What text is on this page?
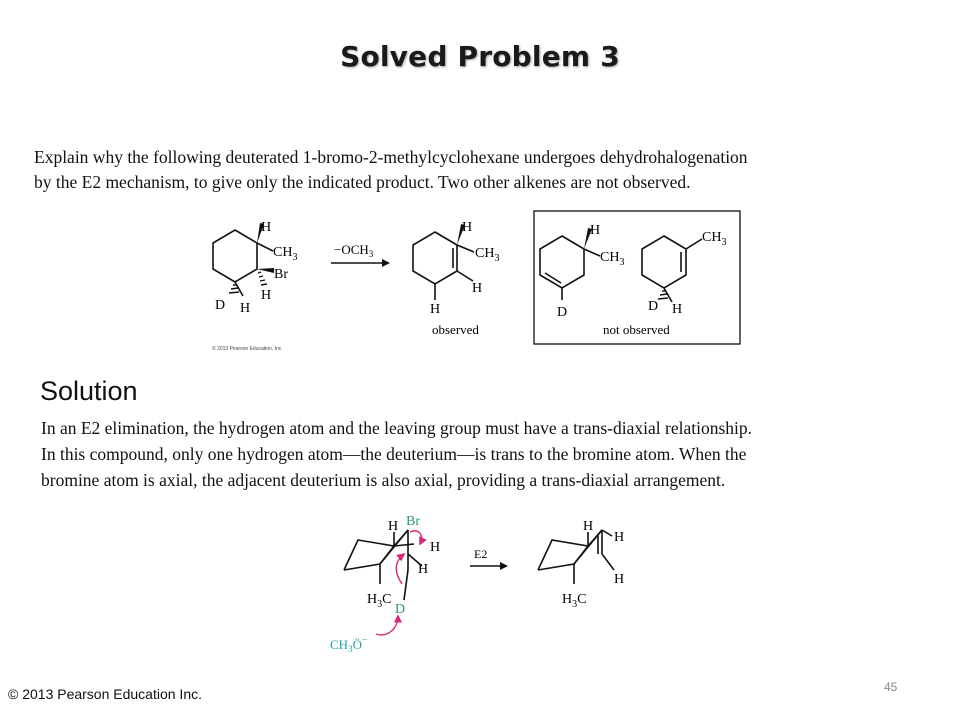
Solved Problem 3

Explain why the following deuterated 1-bromo-2-methylcyclohexane undergoes dehydrohalogenation

by the E2 mechanism, to give only the indicated product. Two other alkenes are not observed.

H
$CH_3$
Br
H
D H
$-OCH_3$
H
$CH_3$
H
H
observed
H
$CH_3$
D
$CH_3$
D H
not observed
© 2013 Pearson Education, Inc.
Solution

In an E2 elimination, the hydrogen atom and the leaving group must have a trans-diaxial relationship.

In this compound, only one hydrogen atom—the deuterium—is trans to the bromine atom. When the

bromine atom is axial, the adjacent deuterium is also axial, providing a trans-diaxial arrangement.

H Br
H
H
$H_3C$
D
$CH_3Ö^-$
E2
H
H
H
$H_3C$
© 2013 Pearson Education Inc.	45
